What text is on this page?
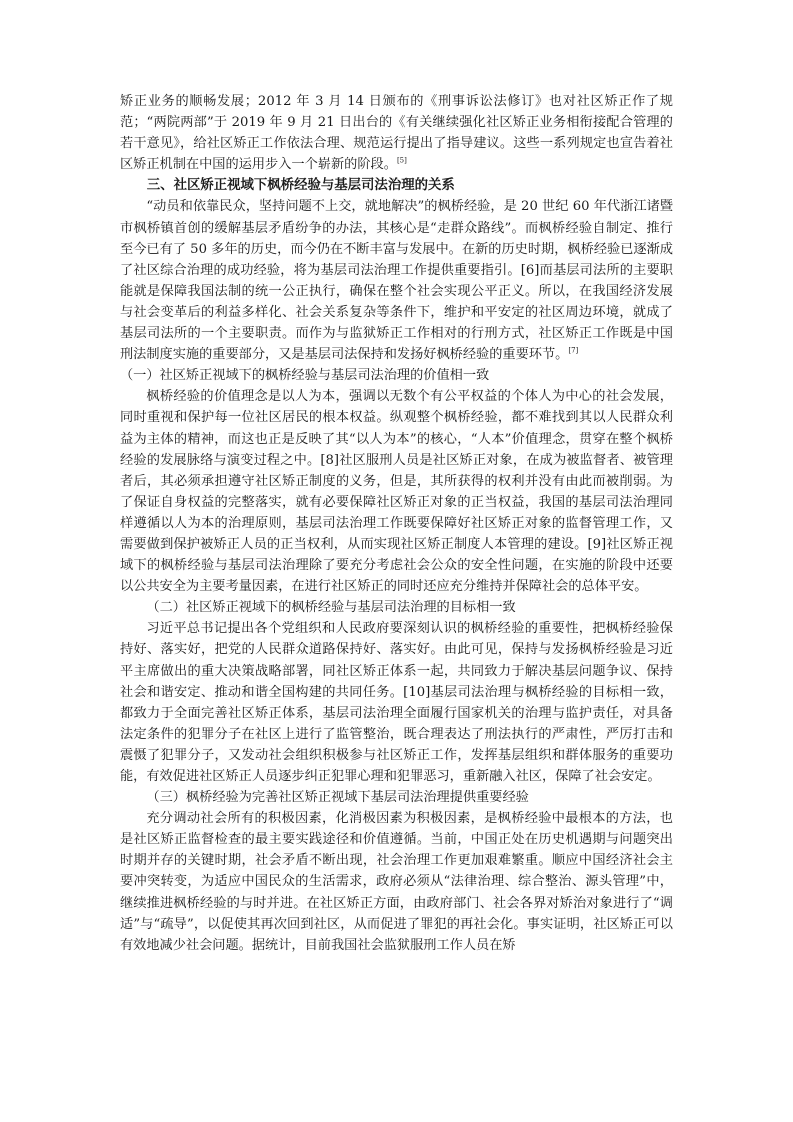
矫正业务的顺畅发展；2012 年 3 月 14 日颁布的《刑事诉讼法修订》也对社区矫正作了规范；“两院两部”于 2019 年 9 月 21 日出台的《有关继续强化社区矫正业务相衔接配合管理的若干意见》，给社区矫正工作依法合理、规范运行提出了指导建议。这些一系列规定也宣告着社区矫正机制在中国的运用步入一个崭新的阶段。[5]

三、社区矫正视域下枫桥经验与基层司法治理的关系

“动员和依靠民众，坚持问题不上交，就地解决”的枫桥经验，是 20 世纪 60 年代浙江诸暨市枫桥镇首创的缓解基层矛盾纷争的办法，其核心是“走群众路线”。而枫桥经验自制定、推行至今已有了 50 多年的历史，而今仍在不断丰富与发展中。在新的历史时期，枫桥经验已逐渐成了社区综合治理的成功经验，将为基层司法治理工作提供重要指引。[6]而基层司法所的主要职能就是保障我国法制的统一公正执行，确保在整个社会实现公平正义。所以，在我国经济发展与社会变革后的利益多样化、社会关系复杂等条件下，维护和平安定的社区周边环境，就成了基层司法所的一个主要职责。而作为与监狱矫正工作相对的行刑方式，社区矫正工作既是中国刑法制度实施的重要部分，又是基层司法保持和发扬好枫桥经验的重要环节。[7]

（一）社区矫正视域下的枫桥经验与基层司法治理的价值相一致

枫桥经验的价值理念是以人为本，强调以无数个有公平权益的个体人为中心的社会发展，同时重视和保护每一位社区居民的根本权益。纵观整个枫桥经验，都不难找到其以人民群众利益为主体的精神，而这也正是反映了其“以人为本”的核心，“人本”价值理念，贯穿在整个枫桥经验的发展脉络与演变过程之中。[8]社区服刑人员是社区矫正对象，在成为被监督者、被管理者后，其必须承担遵守社区矫正制度的义务，但是，其所获得的权利并没有由此而被削弱。为了保证自身权益的完整落实，就有必要保障社区矫正对象的正当权益，我国的基层司法治理同样遵循以人为本的治理原则，基层司法治理工作既要保障好社区矫正对象的监督管理工作，又需要做到保护被矫正人员的正当权利，从而实现社区矫正制度人本管理的建设。[9]社区矫正视域下的枫桥经验与基层司法治理除了要充分考虑社会公众的安全性问题，在实施的阶段中还要以公共安全为主要考量因素，在进行社区矫正的同时还应充分维持并保障社会的总体平安。

（二）社区矫正视域下的枫桥经验与基层司法治理的目标相一致

习近平总书记提出各个党组织和人民政府要深刻认识的枫桥经验的重要性，把枫桥经验保持好、落实好，把党的人民群众道路保持好、落实好。由此可见，保持与发扬枫桥经验是习近平主席做出的重大决策战略部署，同社区矫正体系一起，共同致力于解决基层问题争议、保持社会和谐安定、推动和谐全国构建的共同任务。[10]基层司法治理与枫桥经验的目标相一致，都致力于全面完善社区矫正体系，基层司法治理全面履行国家机关的治理与监护责任，对具备法定条件的犯罪分子在社区上进行了监管整治，既合理表达了刑法执行的严肃性，严厉打击和震慑了犯罪分子，又发动社会组织积极参与社区矫正工作，发挥基层组织和群体服务的重要功能，有效促进社区矫正人员逐步纠正犯罪心理和犯罪恶习，重新融入社区，保障了社会安定。

（三）枫桥经验为完善社区矫正视域下基层司法治理提供重要经验

充分调动社会所有的积极因素，化消极因素为积极因素，是枫桥经验中最根本的方法，也是社区矫正监督检查的最主要实践途径和价值遵循。当前，中国正处在历史机遇期与问题突出时期并存的关键时期，社会矛盾不断出现，社会治理工作更加艰难繁重。顺应中国经济社会主要冲突转变，为适应中国民众的生活需求，政府必须从“法律治理、综合整治、源头管理”中，继续推进枫桥经验的与时并进。在社区矫正方面，由政府部门、社会各界对矫治对象进行了“调适”与“疏导”，以促使其再次回到社区，从而促进了罪犯的再社会化。事实证明，社区矫正可以有效地减少社会问题。据统计，目前我国社会监狱服刑工作人员在矫
